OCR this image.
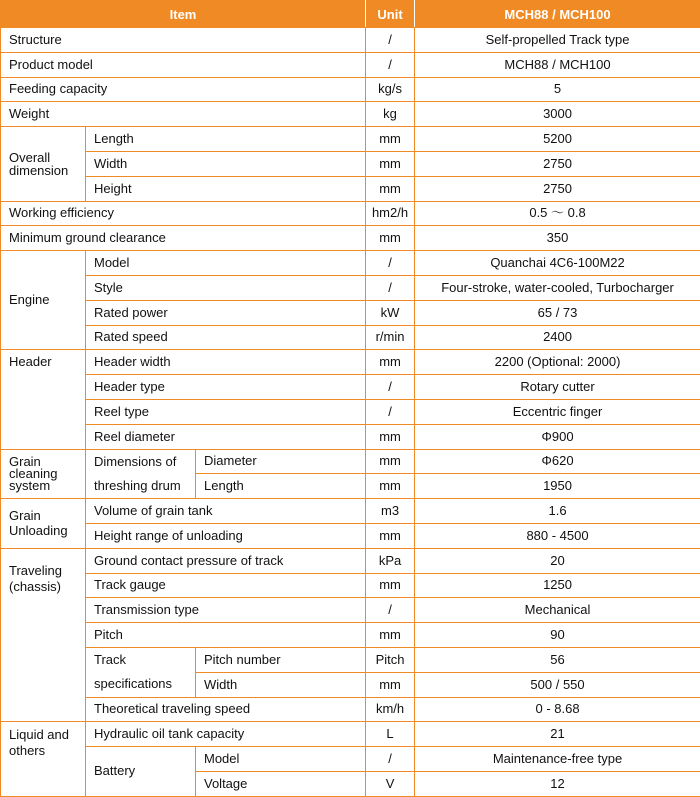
Item			Unit	MCH88 / MCH100
Structure			/	Self-propelled Track type
Product model			/	MCH88 / MCH100
Feeding capacity			kg/s	5
Weight			kg	3000
Overall dimension	Length		mm	5200
	Width		mm	2750
	Height		mm	2750
Working efficiency			hm2/h	0.5 ～ 0.8
Minimum ground clearance			mm	350
Engine	Model		/	Quanchai 4C6-100M22
	Style		/	Four-stroke, water-cooled, Turbocharger
	Rated power		kW	65 / 73
	Rated speed		r/min	2400
Header	Header width		mm	2200 (Optional: 2000)
	Header type		/	Rotary cutter
	Reel type		/	Eccentric finger
	Reel diameter		mm	Φ900
Grain cleaning system	Dimensions of threshing drum	Diameter	mm	Φ620
		Length	mm	1950
Grain Unloading	Volume of grain tank		m3	1.6
	Height range of unloading		mm	880 - 4500
Traveling (chassis)	Ground contact pressure of track		kPa	20
	Track gauge		mm	1250
	Transmission type		/	Mechanical
	Pitch		mm	90
	Track specifications	Pitch number	Pitch	56
		Width	mm	500 / 550
	Theoretical traveling speed		km/h	0 - 8.68

Liquid and others	Hydraulic oil tank capacity		L	21
	Battery	Model	/	Maintenance-free type
		Voltage	V	12
